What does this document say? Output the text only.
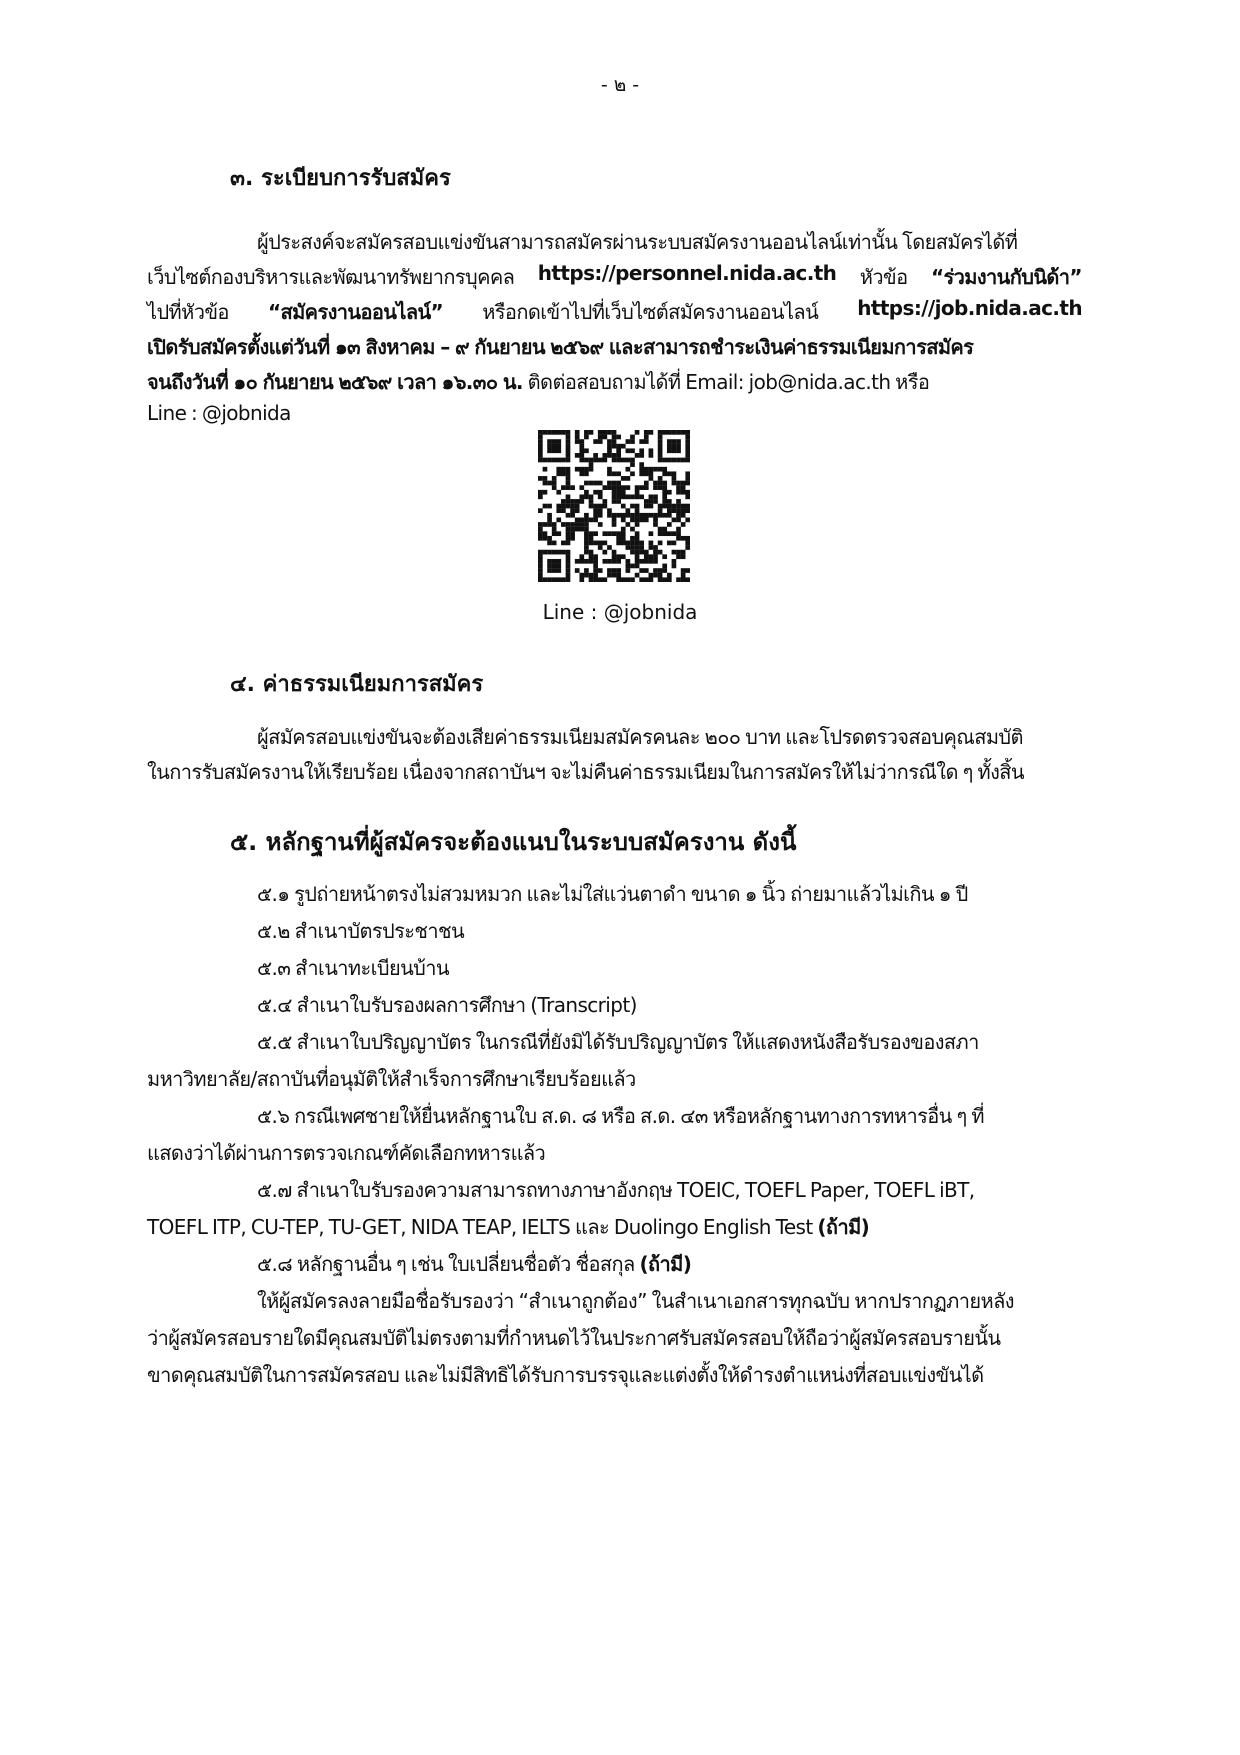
- ๒ -
๓. ระเบียบการรับสมัคร
ผู้ประสงค์จะสมัครสอบแข่งขันสามารถสมัครผ่านระบบสมัครงานออนไลน์เท่านั้น โดยสมัครได้ที่
เว็บไซต์กองบริหารและพัฒนาทรัพยากรบุคคล https://personnel.nida.ac.th หัวข้อ “ร่วมงานกับนิด้า”
ไปที่หัวข้อ “สมัครงานออนไลน์” หรือกดเข้าไปที่เว็บไซต์สมัครงานออนไลน์ https://job.nida.ac.th
เปิดรับสมัครตั้งแต่วันที่ ๑๓ สิงหาคม – ๙ กันยายน ๒๕๖๙ และสามารถชำระเงินค่าธรรมเนียมการสมัคร
จนถึงวันที่ ๑๐ กันยายน ๒๕๖๙ เวลา ๑๖.๓๐ น. ติดต่อสอบถามได้ที่ Email: job@nida.ac.th หรือ
Line : @jobnida
Line : @jobnida
๔. ค่าธรรมเนียมการสมัคร
ผู้สมัครสอบแข่งขันจะต้องเสียค่าธรรมเนียมสมัครคนละ ๒๐๐ บาท และโปรดตรวจสอบคุณสมบัติ
ในการรับสมัครงานให้เรียบร้อย เนื่องจากสถาบันฯ จะไม่คืนค่าธรรมเนียมในการสมัครให้ไม่ว่ากรณีใด ๆ ทั้งสิ้น
๕. หลักฐานที่ผู้สมัครจะต้องแนบในระบบสมัครงาน ดังนี้
๕.๑ รูปถ่ายหน้าตรงไม่สวมหมวก และไม่ใส่แว่นตาดำ ขนาด ๑ นิ้ว ถ่ายมาแล้วไม่เกิน ๑ ปี
๕.๒ สำเนาบัตรประชาชน
๕.๓ สำเนาทะเบียนบ้าน
๕.๔ สำเนาใบรับรองผลการศึกษา (Transcript)
๕.๕ สำเนาใบปริญญาบัตร ในกรณีที่ยังมิได้รับปริญญาบัตร ให้แสดงหนังสือรับรองของสภา
มหาวิทยาลัย/สถาบันที่อนุมัติให้สำเร็จการศึกษาเรียบร้อยแล้ว
๕.๖ กรณีเพศชายให้ยื่นหลักฐานใบ ส.ด. ๘ หรือ ส.ด. ๔๓ หรือหลักฐานทางการทหารอื่น ๆ ที่
แสดงว่าได้ผ่านการตรวจเกณฑ์คัดเลือกทหารแล้ว
๕.๗ สำเนาใบรับรองความสามารถทางภาษาอังกฤษ TOEIC, TOEFL Paper, TOEFL iBT,
TOEFL ITP, CU-TEP, TU-GET, NIDA TEAP, IELTS และ Duolingo English Test (ถ้ามี)
๕.๘ หลักฐานอื่น ๆ เช่น ใบเปลี่ยนชื่อตัว ชื่อสกุล (ถ้ามี)
ให้ผู้สมัครลงลายมือชื่อรับรองว่า “สำเนาถูกต้อง” ในสำเนาเอกสารทุกฉบับ หากปรากฏภายหลัง
ว่าผู้สมัครสอบรายใดมีคุณสมบัติไม่ตรงตามที่กำหนดไว้ในประกาศรับสมัครสอบให้ถือว่าผู้สมัครสอบรายนั้น
ขาดคุณสมบัติในการสมัครสอบ และไม่มีสิทธิได้รับการบรรจุและแต่งตั้งให้ดำรงตำแหน่งที่สอบแข่งขันได้
